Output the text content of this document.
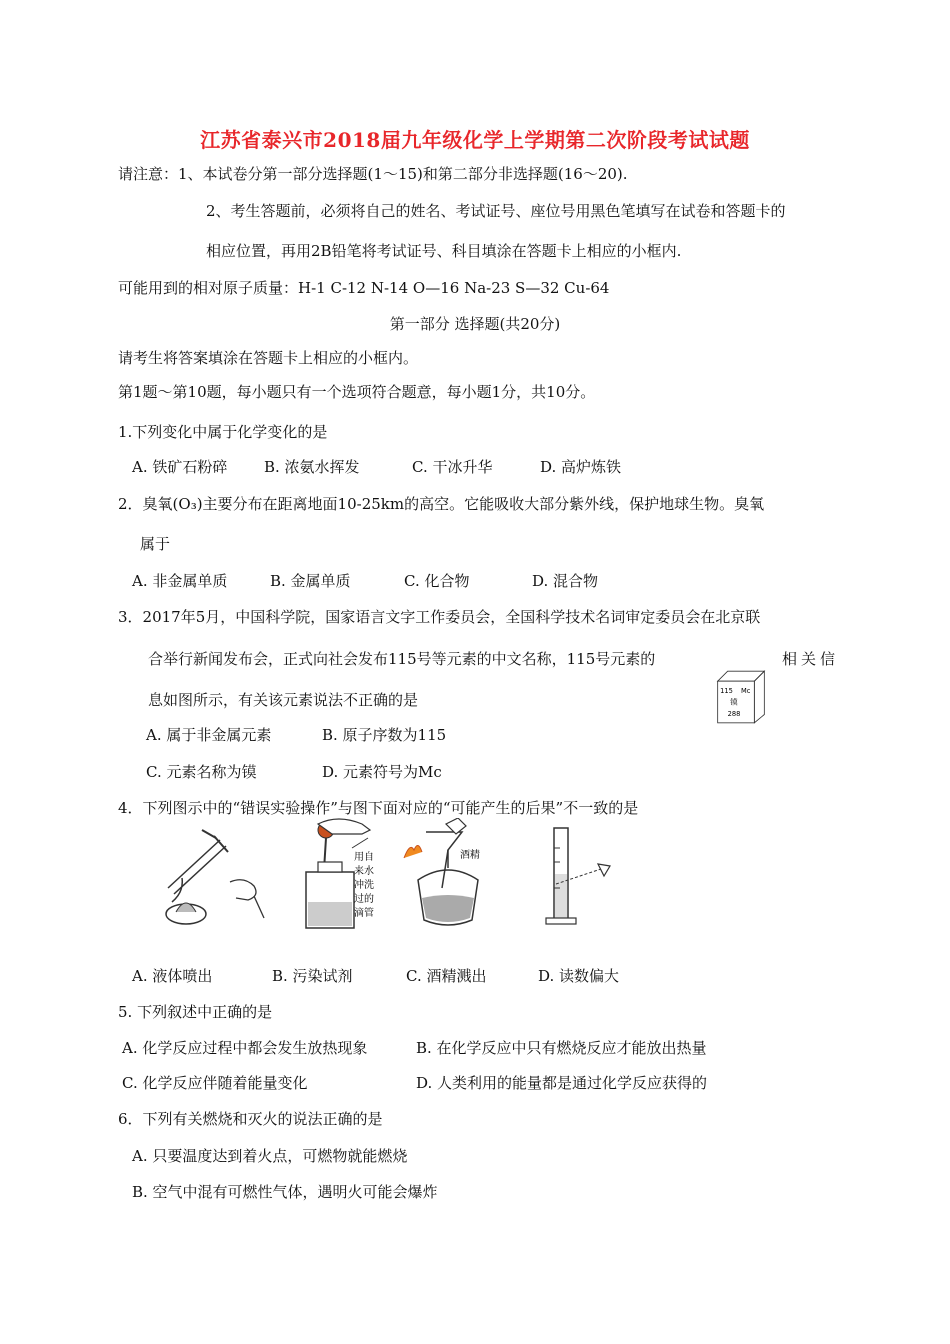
江苏省泰兴市2018届九年级化学上学期第二次阶段考试试题
请注意：1、本试卷分第一部分选择题(1～15)和第二部分非选择题(16～20).
2、考生答题前，必须将自己的姓名、考试证号、座位号用黑色笔填写在试卷和答题卡的
相应位置，再用2B铅笔将考试证号、科目填涂在答题卡上相应的小框内.
可能用到的相对原子质量：H-1 C-12 N-14 O—16 Na-23 S—32 Cu-64
第一部分 选择题(共20分)
请考生将答案填涂在答题卡上相应的小框内。
第1题～第10题，每小题只有一个选项符合题意，每小题1分，共10分。
1.下列变化中属于化学变化的是
A. 铁矿石粉碎 B. 浓氨水挥发	C. 干冰升华	D. 高炉炼铁
2．臭氧(O₃)主要分布在距离地面10-25km的高空。它能吸收大部分紫外线，保护地球生物。臭氧
属于
A. 非金属单质	B. 金属单质	C. 化合物	D. 混合物
3．2017年5月，中国科学院，国家语言文字工作委员会，全国科学技术名词审定委员会在北京联
合举行新闻发布会，正式向社会发布115号等元素的中文名称，115号元素的	相关信
息如图所示，有关该元素说法不正确的是
115 Mc
镆
288
A. 属于非金属元素	B. 原子序数为115
C. 元素名称为镆	D. 元素符号为Mc
4．下列图示中的“错误实验操作”与图下面对应的“可能产生的后果”不一致的是
用自
来水
冲洗
过的
滴管
酒精
A. 液体喷出	B. 污染试剂	C. 酒精溅出	D. 读数偏大
5. 下列叙述中正确的是
A. 化学反应过程中都会发生放热现象	B. 在化学反应中只有燃烧反应才能放出热量
C. 化学反应伴随着能量变化	D. 人类利用的能量都是通过化学反应获得的
6．下列有关燃烧和灭火的说法正确的是
A. 只要温度达到着火点，可燃物就能燃烧
B. 空气中混有可燃性气体，遇明火可能会爆炸
